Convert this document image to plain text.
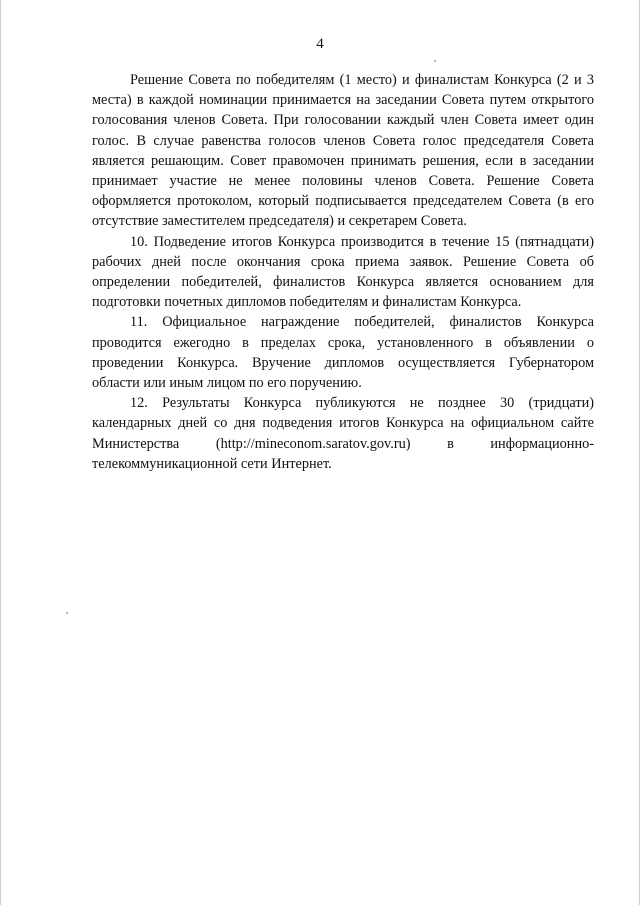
4

Решение Совета по победителям (1 место) и финалистам Конкурса (2 и 3 места) в каждой номинации принимается на заседании Совета путем открытого голосования членов Совета. При голосовании каждый член Совета имеет один голос. В случае равенства голосов членов Совета голос председателя Совета является решающим. Совет правомочен принимать решения, если в заседании принимает участие не менее половины членов Совета. Решение Совета оформляется протоколом, который подписывается председателем Совета (в его отсутствие заместителем председателя) и секретарем Совета.

10. Подведение итогов Конкурса производится в течение 15 (пятнадцати) рабочих дней после окончания срока приема заявок. Решение Совета об определении победителей, финалистов Конкурса является основанием для подготовки почетных дипломов победителям и финалистам Конкурса.

11. Официальное награждение победителей, финалистов Конкурса проводится ежегодно в пределах срока, установленного в объявлении о проведении Конкурса. Вручение дипломов осуществляется Губернатором области или иным лицом по его поручению.

12. Результаты Конкурса публикуются не позднее 30 (тридцати) календарных дней со дня подведения итогов Конкурса на официальном сайте Министерства (http://mineconom.saratov.gov.ru) в информационно-телекоммуникационной сети Интернет.
